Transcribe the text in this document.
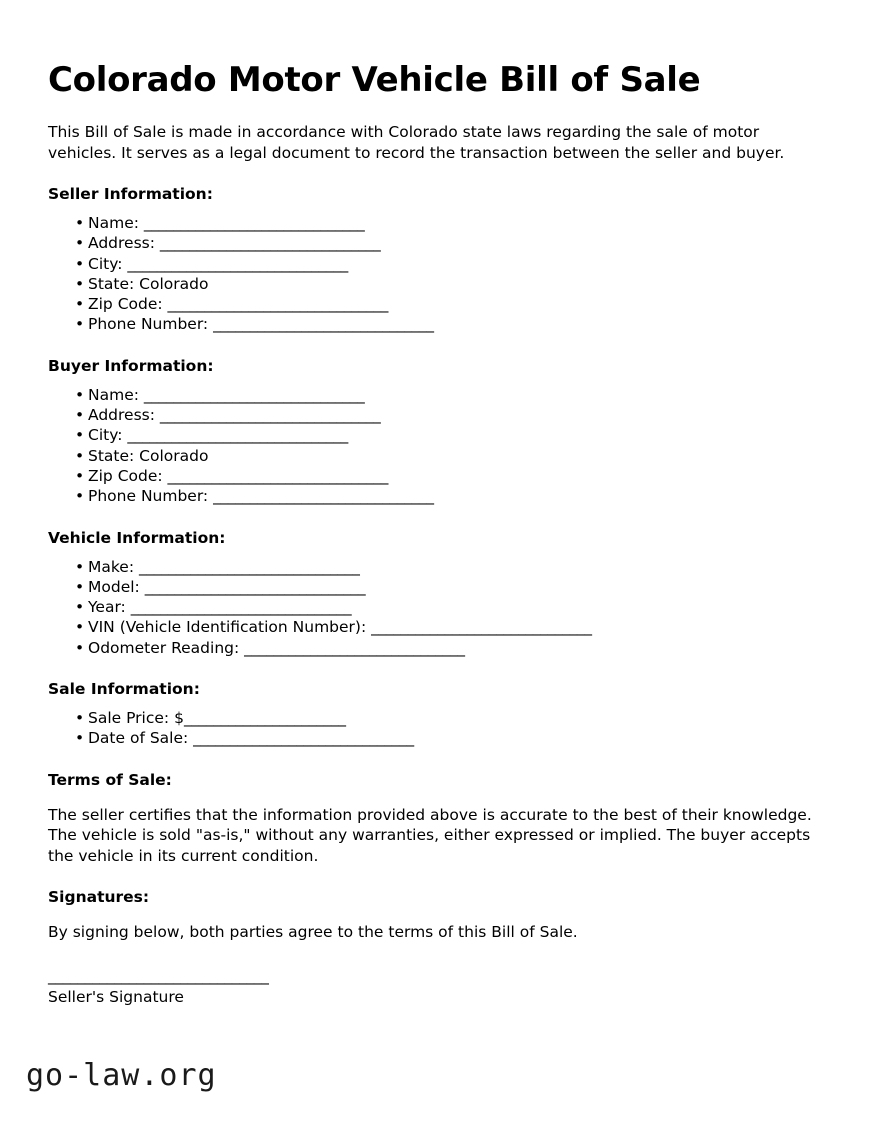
Colorado Motor Vehicle Bill of Sale

This Bill of Sale is made in accordance with Colorado state laws regarding the sale of motor vehicles. It serves as a legal document to record the transaction between the seller and buyer.

Seller Information:
• Name: ______________________________
• Address: ______________________________
• City: ______________________________
• State: Colorado
• Zip Code: ______________________________
• Phone Number: ______________________________
Buyer Information:
• Name: ______________________________
• Address: ______________________________
• City: ______________________________
• State: Colorado
• Zip Code: ______________________________
• Phone Number: ______________________________
Vehicle Information:
• Make: ______________________________
• Model: ______________________________
• Year: ______________________________
• VIN (Vehicle Identification Number): ______________________________
• Odometer Reading: ______________________________
Sale Information:
• Sale Price: $______________________
• Date of Sale: ______________________________
Terms of Sale:

The seller certifies that the information provided above is accurate to the best of their knowledge. The vehicle is sold "as-is," without any warranties, either expressed or implied. The buyer accepts the vehicle in its current condition.

Signatures:

By signing below, both parties agree to the terms of this Bill of Sale.

______________________________
Seller's Signature
go-law.org
